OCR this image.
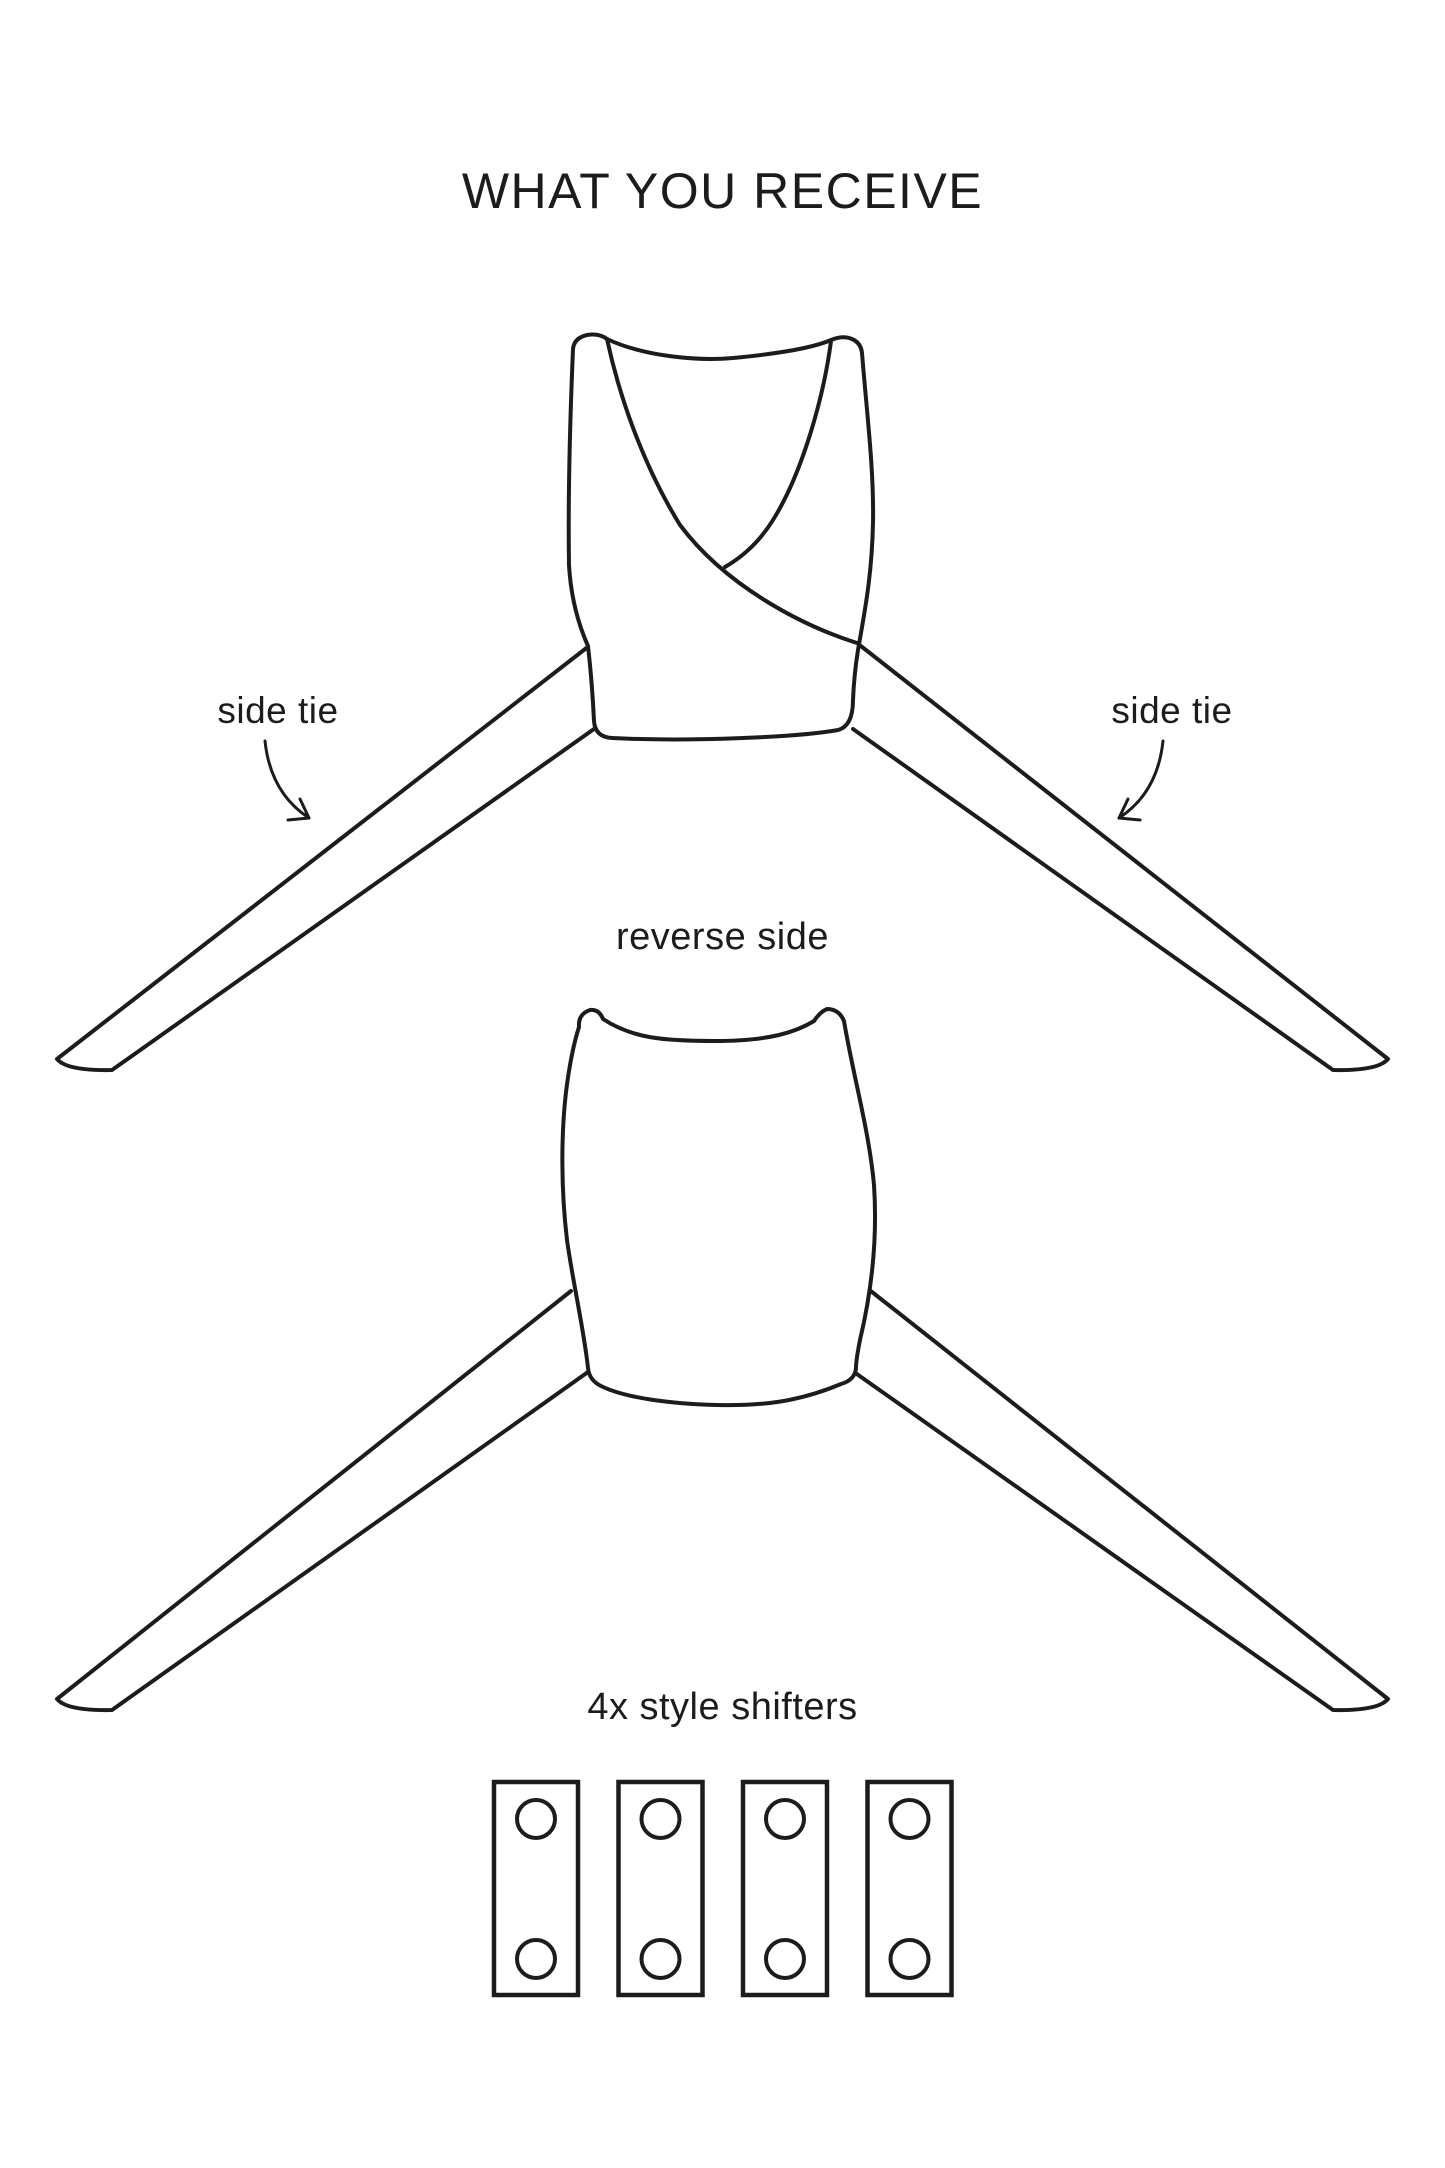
WHAT YOU RECEIVE
side tie	side tie
reverse side
4x style shifters
